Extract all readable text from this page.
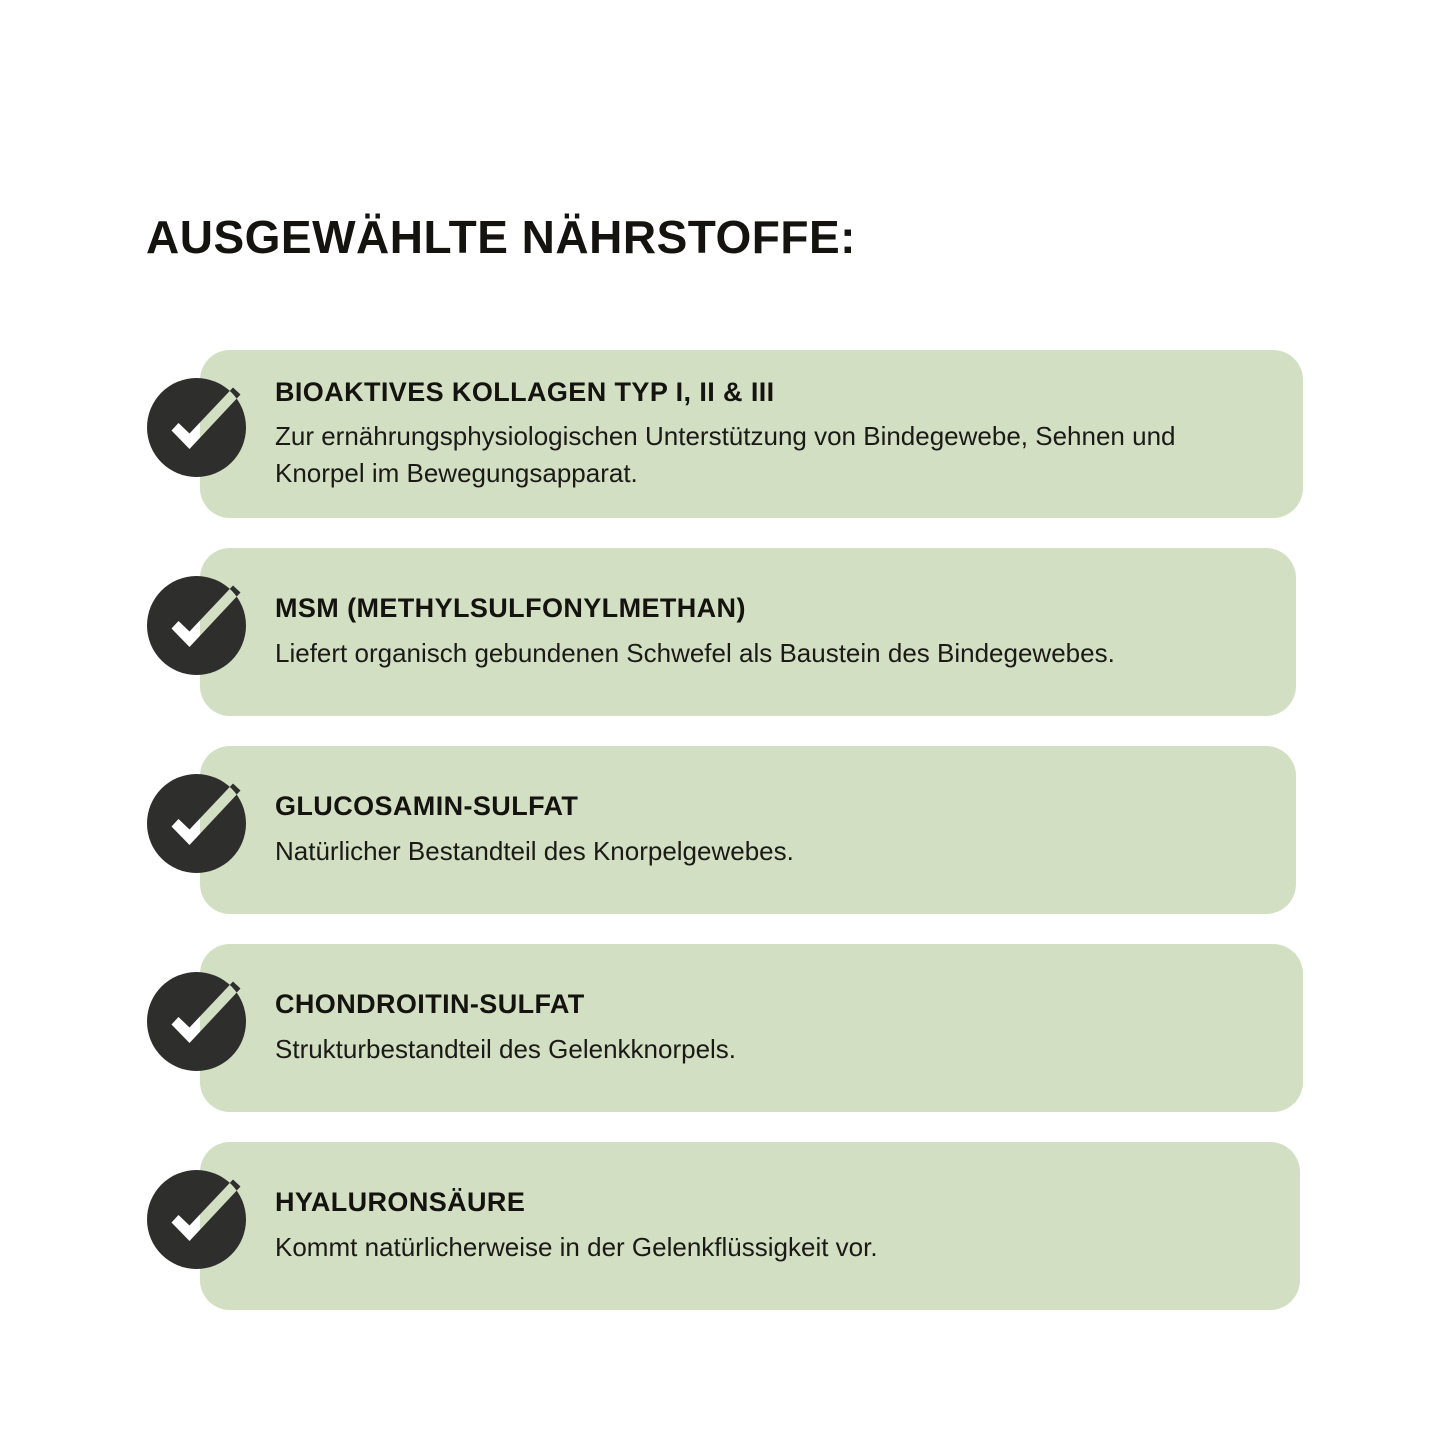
AUSGEWÄHLTE NÄHRSTOFFE:
BIOAKTIVES KOLLAGEN TYP I, II & III
Zur ernährungsphysiologischen Unterstützung von Bindegewebe, Sehnen und Knorpel im Bewegungsapparat.
MSM (METHYLSULFONYLMETHAN)
Liefert organisch gebundenen Schwefel als Baustein des Bindegewebes.
GLUCOSAMIN-SULFAT
Natürlicher Bestandteil des Knorpelgewebes.
CHONDROITIN-SULFAT
Strukturbestandteil des Gelenkknorpels.
HYALURONSÄURE
Kommt natürlicherweise in der Gelenkflüssigkeit vor.
